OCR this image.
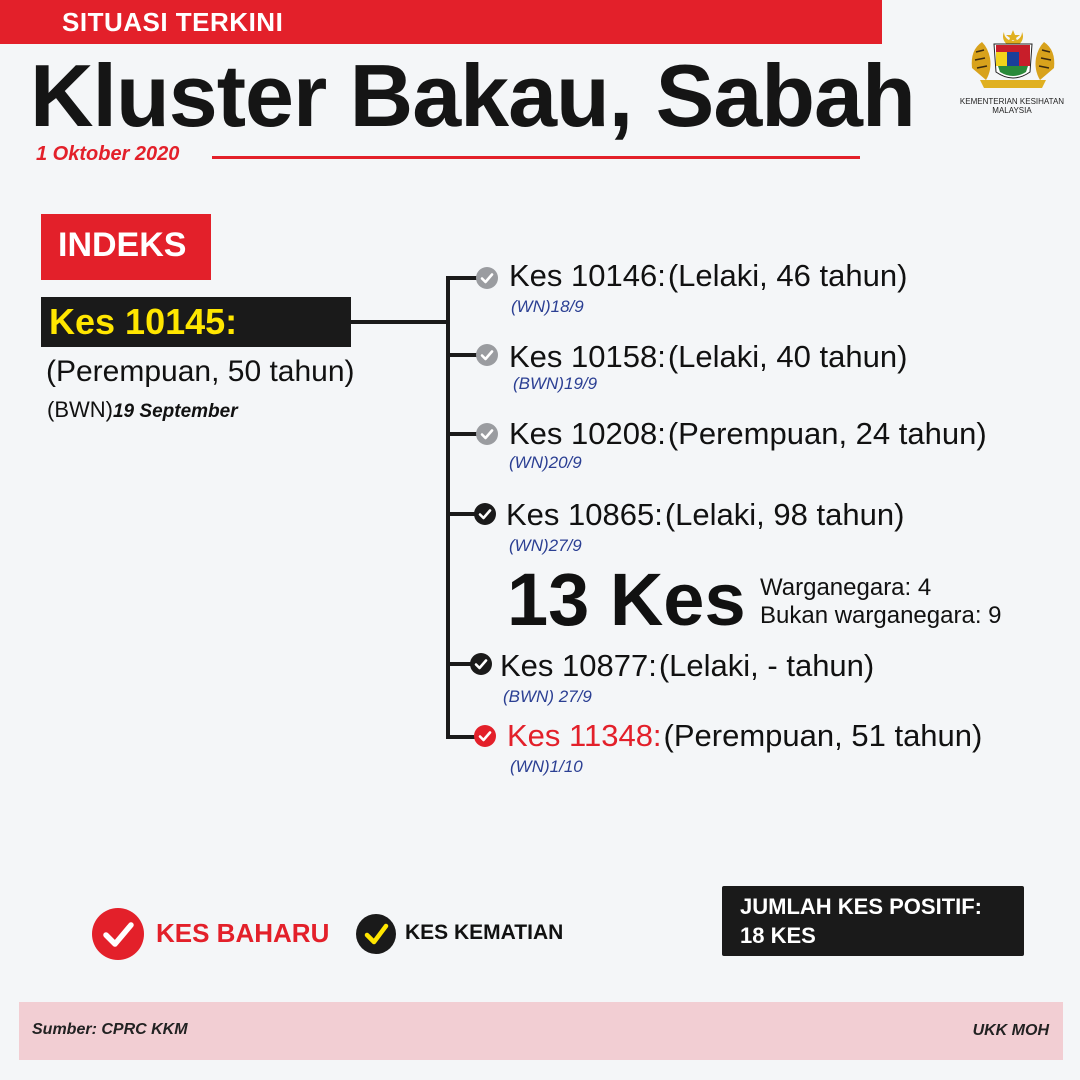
SITUASI TERKINI
Kluster Bakau, Sabah
1 Oktober 2020
KEMENTERIAN KESIHATAN
MALAYSIA
INDEKS
Kes 10145:
(Perempuan, 50 tahun)
(BWN)19 September
Kes 10146:(Lelaki, 46 tahun)
(WN)18/9
Kes 10158:(Lelaki, 40 tahun)
(BWN)19/9
Kes 10208:(Perempuan, 24 tahun)
(WN)20/9
Kes 10865:(Lelaki, 98 tahun)
(WN)27/9
13 Kes Warganegara: 4
Bukan warganegara: 9
Kes 10877:(Lelaki, - tahun)
(BWN) 27/9
Kes 11348:(Perempuan, 51 tahun)
(WN)1/10
KES BAHARU	KES KEMATIAN
JUMLAH KES POSITIF:
18 KES
Sumber: CPRC KKM	UKK MOH
